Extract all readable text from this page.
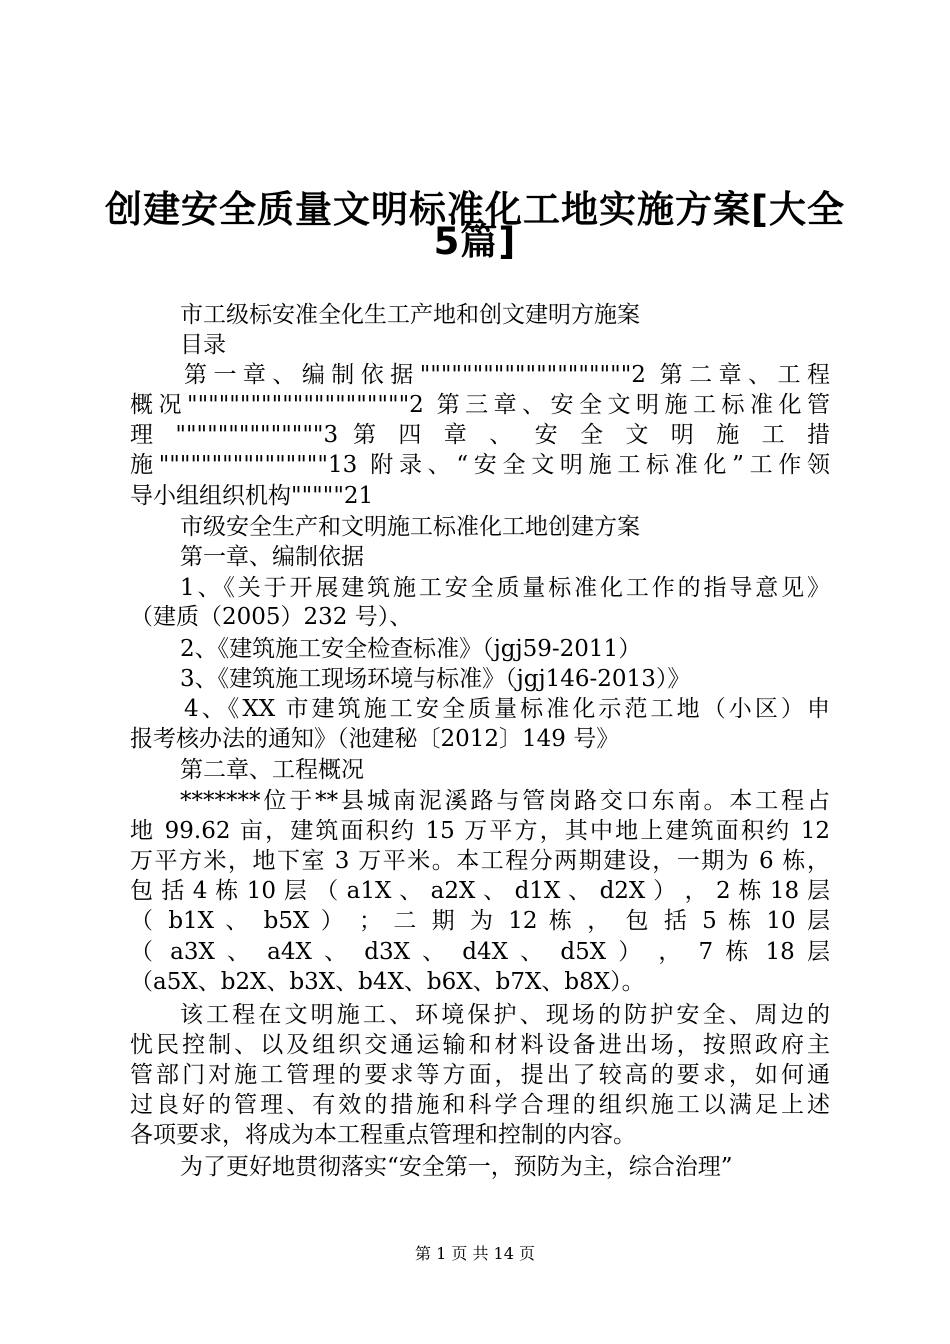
创建安全质量文明标准化工地实施方案[大全
5篇]
市工级标安准全化生工产地和创文建明方施案
目录
第一章、编制依据""""""""""""""""""""2 第二章、工程
概况"""""""""""""""""""""2 第三章、安全文明施工标准化管
理 """"""""""""""3 第 四 章 、 安 全 文 明 施 工 措
施""""""""""""""""13 附录、“安全文明施工标准化”工作领
导小组组织机构"""""21
市级安全生产和文明施工标准化工地创建方案
第一章、编制依据
1、《关于开展建筑施工安全质量标准化工作的指导意见》
（建质（2005）232 号）、
2、《建筑施工安全检查标准》（jgj59-2011）
3、《建筑施工现场环境与标准》（jgj146-2013）》
4、《XX 市建筑施工安全质量标准化示范工地（小区）申
报考核办法的通知》（池建秘〔2012〕149 号》
第二章、工程概况
*******位于**县城南泥溪路与管岗路交口东南。本工程占
地 99.62 亩，建筑面积约 15 万平方，其中地上建筑面积约 12
万平方米，地下室 3 万平米。本工程分两期建设，一期为 6 栋，
包 括 4 栋 10 层 （ a1X 、 a2X 、 d1X 、 d2X ） ， 2 栋 18 层
（ b1X 、 b5X ） ； 二 期 为 12 栋 ， 包 括 5 栋 10 层
（ a3X 、 a4X 、 d3X 、 d4X 、 d5X ） ， 7 栋 18 层
（a5X、b2X、b3X、b4X、b6X、b7X、b8X）。
该工程在文明施工、环境保护、现场的防护安全、周边的
忧民控制、以及组织交通运输和材料设备进出场，按照政府主
管部门对施工管理的要求等方面，提出了较高的要求，如何通
过良好的管理、有效的措施和科学合理的组织施工以满足上述
各项要求，将成为本工程重点管理和控制的内容。
为了更好地贯彻落实“安全第一，预防为主，综合治理”
第 1 页 共 14 页
